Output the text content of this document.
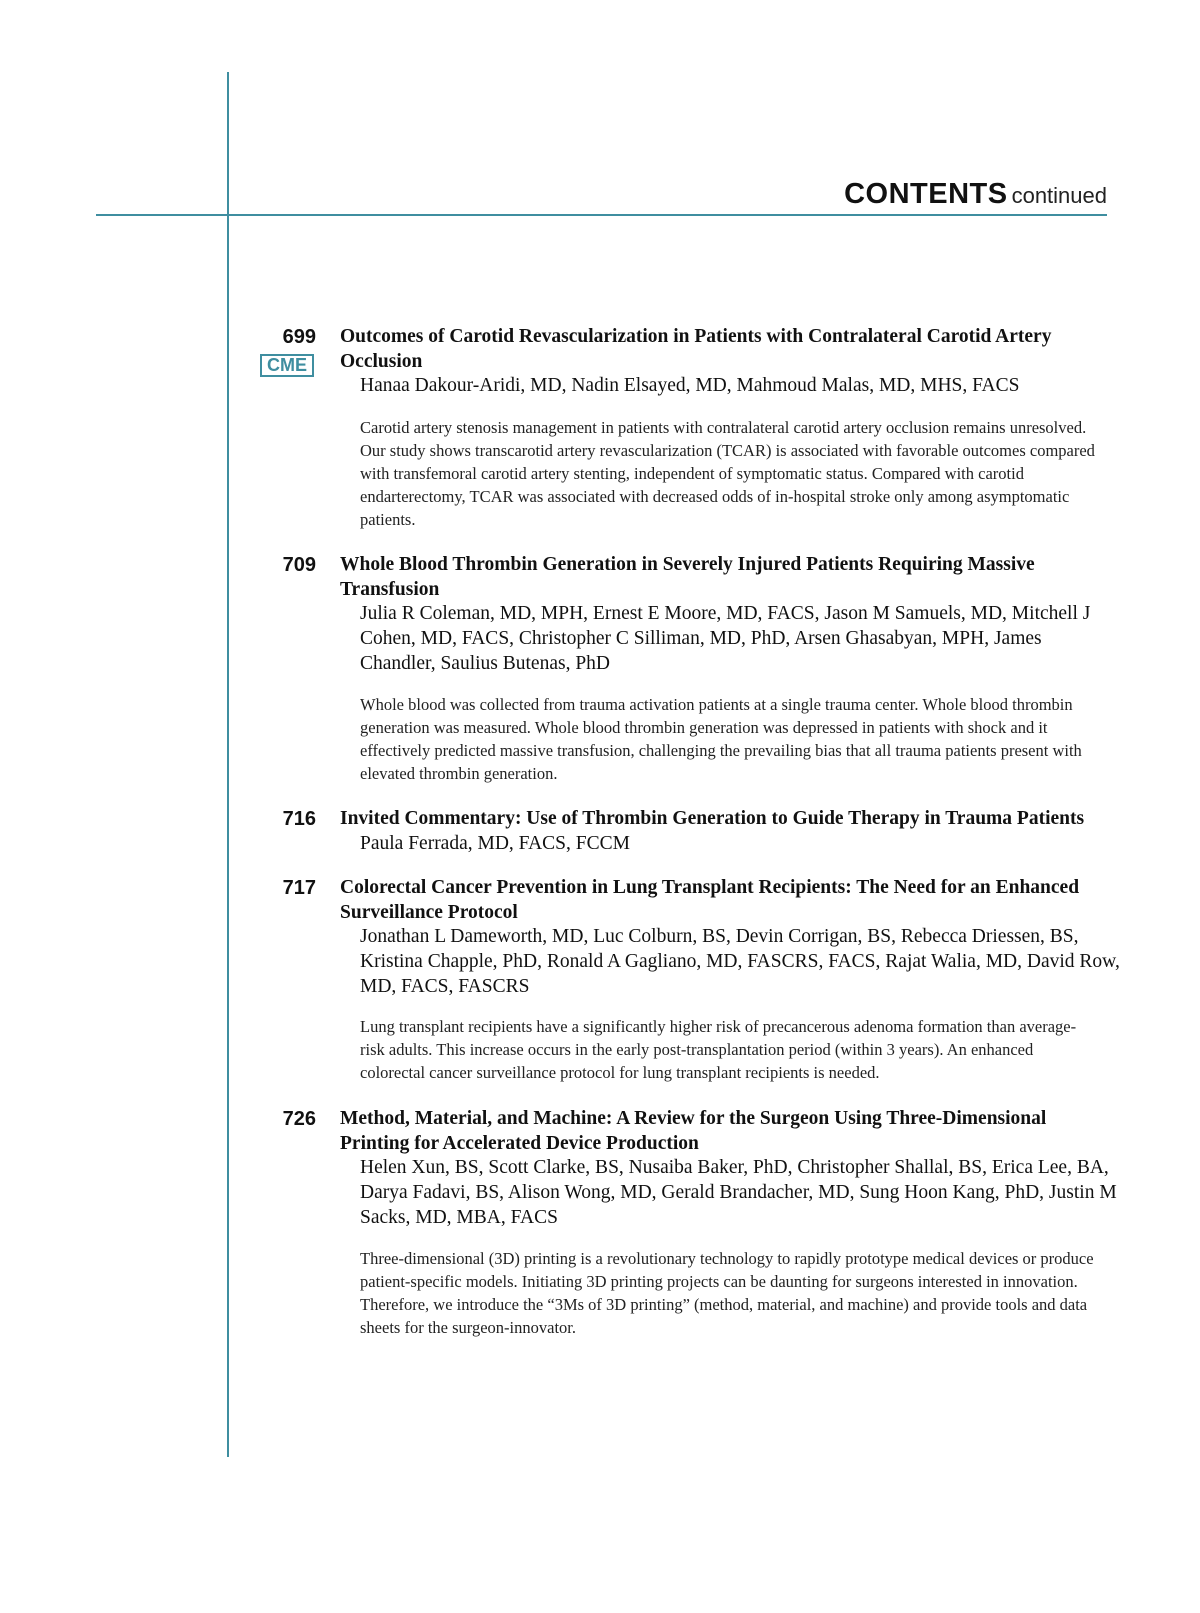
CONTENTS continued
699
CME
Outcomes of Carotid Revascularization in Patients with Contralateral Carotid Artery Occlusion
Hanaa Dakour-Aridi, MD, Nadin Elsayed, MD, Mahmoud Malas, MD, MHS, FACS
Carotid artery stenosis management in patients with contralateral carotid artery occlusion remains unresolved. Our study shows transcarotid artery revascularization (TCAR) is associated with favorable outcomes compared with transfemoral carotid artery stenting, independent of symptomatic status. Compared with carotid endarterectomy, TCAR was associated with decreased odds of in-hospital stroke only among asymptomatic patients.
709 Whole Blood Thrombin Generation in Severely Injured Patients Requiring Massive Transfusion
Julia R Coleman, MD, MPH, Ernest E Moore, MD, FACS, Jason M Samuels, MD, Mitchell J Cohen, MD, FACS, Christopher C Silliman, MD, PhD, Arsen Ghasabyan, MPH, James Chandler, Saulius Butenas, PhD
Whole blood was collected from trauma activation patients at a single trauma center. Whole blood thrombin generation was measured. Whole blood thrombin generation was depressed in patients with shock and it effectively predicted massive transfusion, challenging the prevailing bias that all trauma patients present with elevated thrombin generation.
716 Invited Commentary: Use of Thrombin Generation to Guide Therapy in Trauma Patients
Paula Ferrada, MD, FACS, FCCM
717 Colorectal Cancer Prevention in Lung Transplant Recipients: The Need for an Enhanced Surveillance Protocol
Jonathan L Dameworth, MD, Luc Colburn, BS, Devin Corrigan, BS, Rebecca Driessen, BS, Kristina Chapple, PhD, Ronald A Gagliano, MD, FASCRS, FACS, Rajat Walia, MD, David Row, MD, FACS, FASCRS
Lung transplant recipients have a significantly higher risk of precancerous adenoma formation than average-risk adults. This increase occurs in the early post-transplantation period (within 3 years). An enhanced colorectal cancer surveillance protocol for lung transplant recipients is needed.
726 Method, Material, and Machine: A Review for the Surgeon Using Three-Dimensional Printing for Accelerated Device Production
Helen Xun, BS, Scott Clarke, BS, Nusaiba Baker, PhD, Christopher Shallal, BS, Erica Lee, BA, Darya Fadavi, BS, Alison Wong, MD, Gerald Brandacher, MD, Sung Hoon Kang, PhD, Justin M Sacks, MD, MBA, FACS
Three-dimensional (3D) printing is a revolutionary technology to rapidly prototype medical devices or produce patient-specific models. Initiating 3D printing projects can be daunting for surgeons interested in innovation. Therefore, we introduce the “3Ms of 3D printing” (method, material, and machine) and provide tools and data sheets for the surgeon-innovator.
